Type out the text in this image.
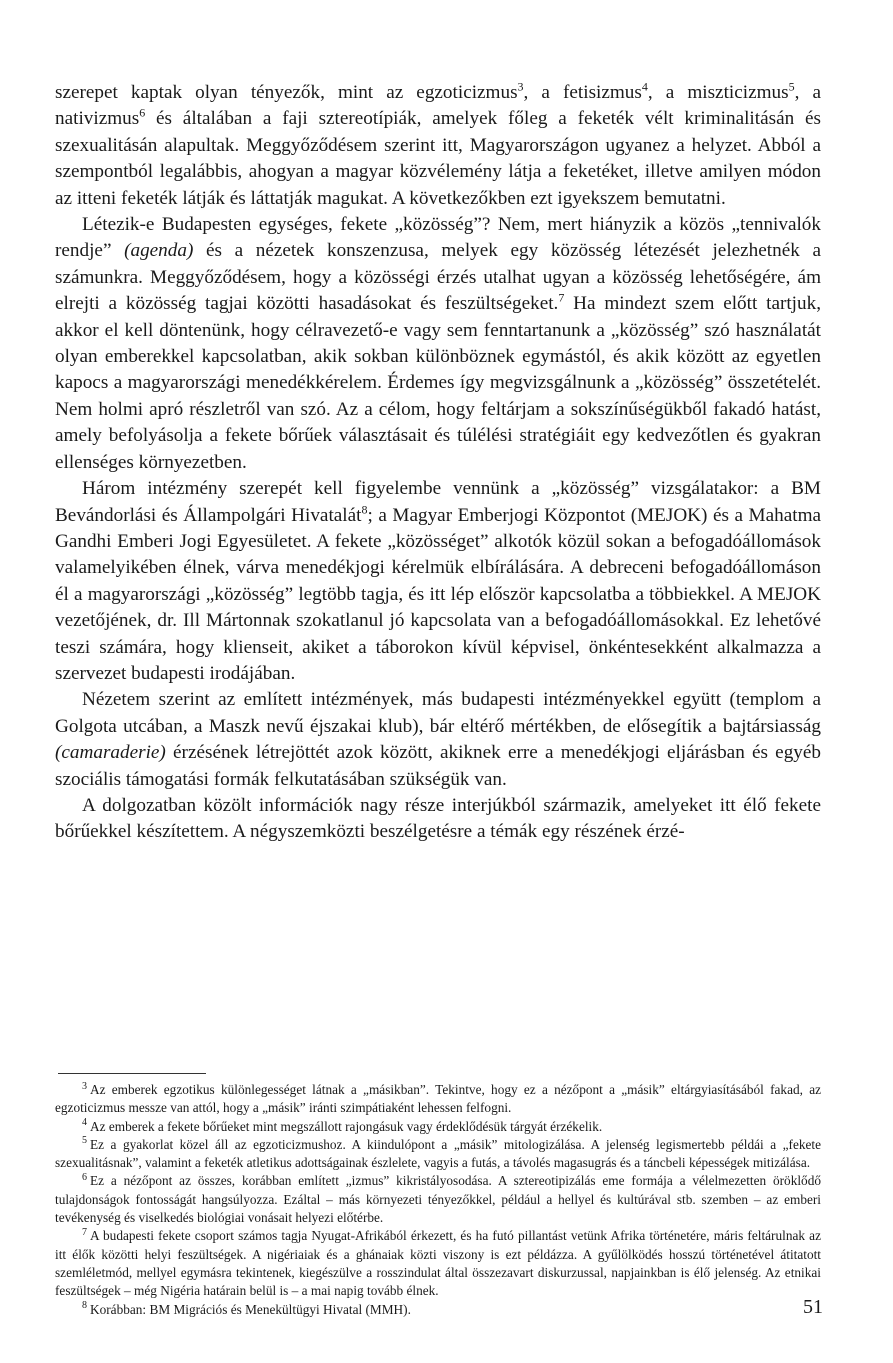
szerepet kaptak olyan tényezők, mint az egzoticizmus$^3$, a fetisizmus$^4$, a miszticizmus$^5$, a nativizmus$^6$ és általában a faji sztereotípiák, amelyek főleg a feketék vélt kriminalitásán és szexualitásán alapultak. Meggyőződésem szerint itt, Magyarországon ugyanez a helyzet. Abból a szempontból legalábbis, ahogyan a magyar közvélemény látja a feketéket, illetve amilyen módon az itteni feketék látják és láttatják magukat. A következőkben ezt igyekszem bemutatni.

Létezik-e Budapesten egységes, fekete „közösség”? Nem, mert hiányzik a közös „tennivalók rendje” (agenda) és a nézetek konszenzusa, melyek egy közösség létezését jelezhetnék a számunkra. Meggyőződésem, hogy a közösségi érzés utalhat ugyan a közösség lehetőségére, ám elrejti a közösség tagjai közötti hasadásokat és feszültségeket.$^7$ Ha mindezt szem előtt tartjuk, akkor el kell döntenünk, hogy célravezető-e vagy sem fenntartanunk a „közösség” szó használatát olyan emberekkel kapcsolatban, akik sokban különböznek egymástól, és akik között az egyetlen kapocs a magyarországi menedékkérelem. Érdemes így megvizsgálnunk a „közösség” összetételét. Nem holmi apró részletről van szó. Az a célom, hogy feltárjam a sokszínűségükből fakadó hatást, amely befolyásolja a fekete bőrűek választásait és túlélési stratégiáit egy kedvezőtlen és gyakran ellenséges környezetben.

Három intézmény szerepét kell figyelembe vennünk a „közösség” vizsgálatakor: a BM Bevándorlási és Állampolgári Hivatalát$^8$; a Magyar Emberjogi Központot (MEJOK) és a Mahatma Gandhi Emberi Jogi Egyesületet. A fekete „közösséget” alkotók közül sokan a befogadóállomások valamelyikében élnek, várva menedékjogi kérelmük elbírálására. A debreceni befogadóállomáson él a magyarországi „közösség” legtöbb tagja, és itt lép először kapcsolatba a többiekkel. A MEJOK vezetőjének, dr. Ill Mártonnak szokatlanul jó kapcsolata van a befogadóállomásokkal. Ez lehetővé teszi számára, hogy klienseit, akiket a táborokon kívül képvisel, önkéntesekként alkalmazza a szervezet budapesti irodájában.

Nézetem szerint az említett intézmények, más budapesti intézményekkel együtt (templom a Golgota utcában, a Maszk nevű éjszakai klub), bár eltérő mértékben, de elősegítik a bajtársiasság (camaraderie) érzésének létrejöttét azok között, akiknek erre a menedékjogi eljárásban és egyéb szociális támogatási formák felkutatásában szükségük van.

A dolgozatban közölt információk nagy része interjúkból származik, amelyeket itt élő fekete bőrűekkel készítettem. A négyszemközti beszélgetésre a témák egy részének érzé-

$^3$ Az emberek egzotikus különlegességet látnak a „másikban”. Tekintve, hogy ez a nézőpont a „másik” eltárgyiasításából fakad, az egzoticizmus messze van attól, hogy a „másik” iránti szimpátiaként lehessen felfogni.

$^4$ Az emberek a fekete bőrűeket mint megszállott rajongásuk vagy érdeklődésük tárgyát érzékelik.

$^5$ Ez a gyakorlat közel áll az egzoticizmushoz. A kiindulópont a „másik” mitologizálása. A jelenség legismertebb példái a „fekete szexualitásnak”, valamint a feketék atletikus adottságainak észlelete, vagyis a futás, a távolés magasugrás és a táncbeli képességek mitizálása.

$^6$ Ez a nézőpont az összes, korábban említett „izmus” kikristályosodása. A sztereotipizálás eme formája a vélelmezetten öröklődő tulajdonságok fontosságát hangsúlyozza. Ezáltal – más környezeti tényezőkkel, például a hellyel és kultúrával stb. szemben – az emberi tevékenység és viselkedés biológiai vonásait helyezi előtérbe.

$^7$ A budapesti fekete csoport számos tagja Nyugat-Afrikából érkezett, és ha futó pillantást vetünk Afrika történetére, máris feltárulnak az itt élők közötti helyi feszültségek. A nigériaiak és a ghánaiak közti viszony is ezt példázza. A gyűlölködés hosszú történetével átitatott szemléletmód, mellyel egymásra tekintenek, kiegészülve a rosszindulat által összezavart diskurzussal, napjainkban is élő jelenség. Az etnikai feszültségek – még Nigéria határain belül is – a mai napig tovább élnek.

$^8$ Korábban: BM Migrációs és Menekültügyi Hivatal (MMH).	51
